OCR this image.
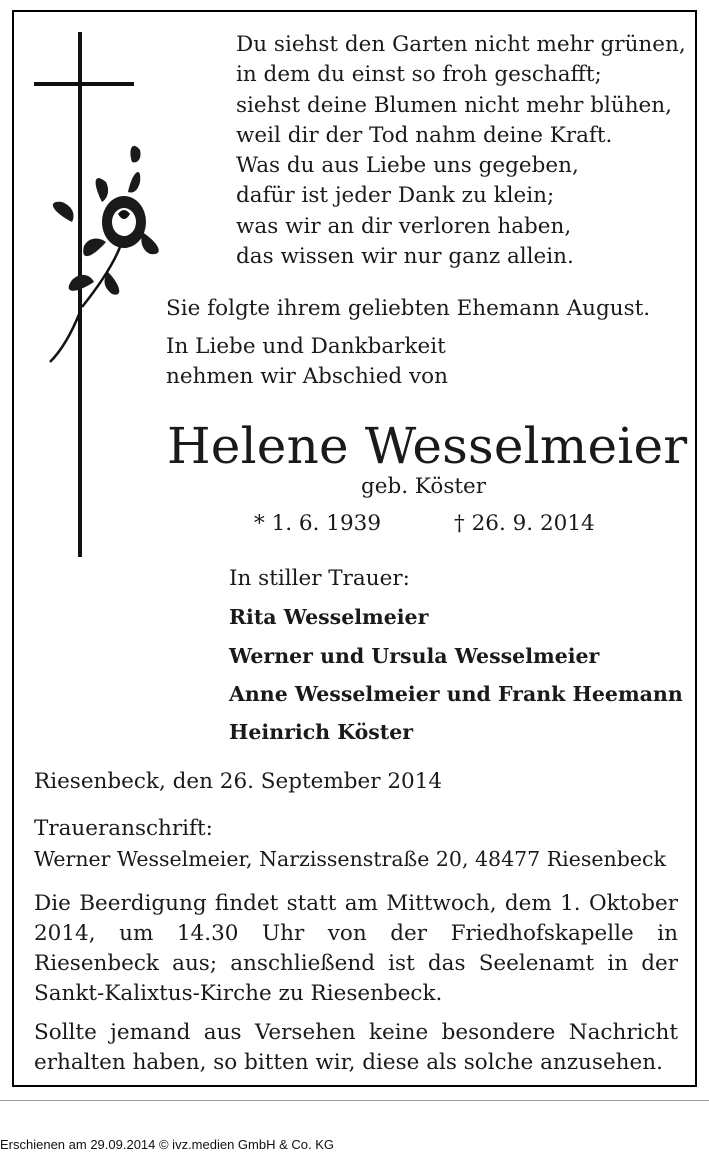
Du siehst den Garten nicht mehr grünen,
in dem du einst so froh geschafft;
siehst deine Blumen nicht mehr blühen,
weil dir der Tod nahm deine Kraft.
Was du aus Liebe uns gegeben,
dafür ist jeder Dank zu klein;
was wir an dir verloren haben,
das wissen wir nur ganz allein.
Sie folgte ihrem geliebten Ehemann August.
In Liebe und Dankbarkeit
nehmen wir Abschied von
Helene Wesselmeier
geb. Köster
* 1. 6. 1939	† 26. 9. 2014
In stiller Trauer:
Rita Wesselmeier
Werner und Ursula Wesselmeier
Anne Wesselmeier und Frank Heemann
Heinrich Köster
Riesenbeck, den 26. September 2014
Traueranschrift:
Werner Wesselmeier, Narzissenstraße 20, 48477 Riesenbeck
Die Beerdigung findet statt am Mittwoch, dem 1. Oktober 2014, um 14.30 Uhr von der Friedhofskapelle in Riesenbeck aus; anschließend ist das Seelenamt in der Sankt-Kalixtus-Kirche zu Riesenbeck.
Sollte jemand aus Versehen keine besondere Nachricht erhalten haben, so bitten wir, diese als solche anzusehen.
Erschienen am 29.09.2014 © ivz.medien GmbH & Co. KG
